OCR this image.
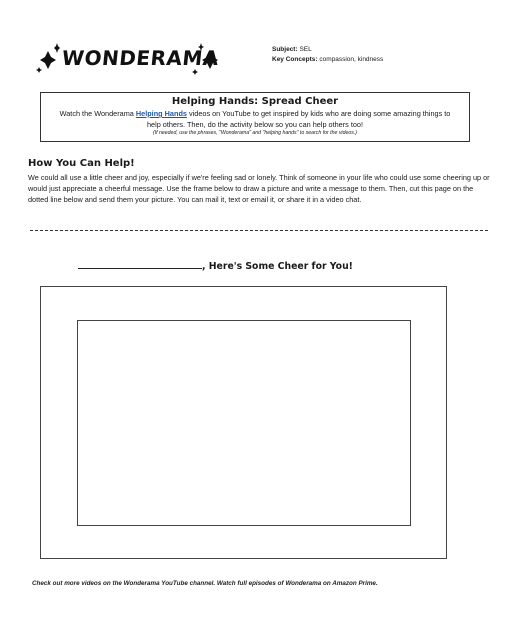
WONDERAMA	Subject: SEL
Key Concepts: compassion, kindness
Helping Hands: Spread Cheer
Watch the Wonderama Helping Hands videos on YouTube to get inspired by kids who are doing some amazing things to help others. Then, do the activity below so you can help others too!
(If needed, use the phrases, "Wonderama" and "helping hands" to search for the videos.)
How You Can Help!
We could all use a little cheer and joy, especially if we're feeling sad or lonely. Think of someone in your life who could use some cheering up or would just appreciate a cheerful message. Use the frame below to draw a picture and write a message to them. Then, cut this page on the dotted line below and send them your picture. You can mail it, text or email it, or share it in a video chat.
, Here's Some Cheer for You!
Check out more videos on the Wonderama YouTube channel. Watch full episodes of Wonderama on Amazon Prime.
